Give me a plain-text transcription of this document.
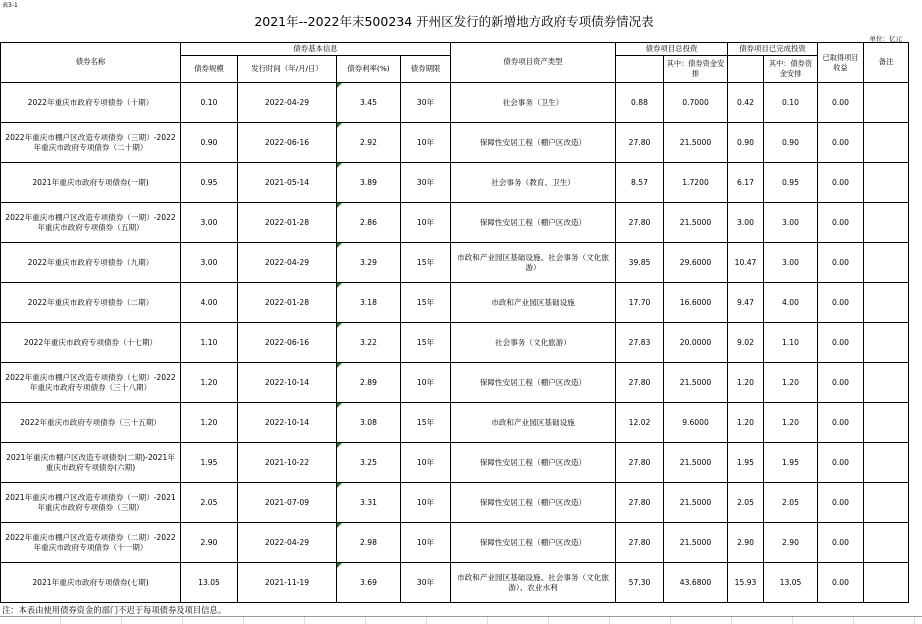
表3-1
2021年--2022年末500234 开州区发行的新增地方政府专项债券情况表
单位：亿元
债券名称	债券基本信息				债券项目资产类型	债券项目总投资		债券项目已完成投资		已取得项目收益	备注
	债券规模	发行时间（年/月/日）	债券利率(%)	债券期限			其中：债券资金安排		其中：债券资金安排		
2022年重庆市政府专项债券（十期）	0.10	2022-04-29	3.45	30年	社会事务（卫生）	0.88	0.7000	0.42	0.10	0.00	
2022年重庆市棚户区改造专项债券（三期）-2022年重庆市政府专项债券（二十期）	0.90	2022-06-16	2.92	10年	保障性安居工程（棚户区改造）	27.80	21.5000	0.90	0.90	0.00	
2021年重庆市政府专项债券(一期)	0.95	2021-05-14	3.89	30年	社会事务（教育、卫生）	8.57	1.7200	6.17	0.95	0.00	
2022年重庆市棚户区改造专项债券（一期）-2022年重庆市政府专项债券（五期）	3.00	2022-01-28	2.86	10年	保障性安居工程（棚户区改造）	27.80	21.5000	3.00	3.00	0.00	
2022年重庆市政府专项债券（九期）	3.00	2022-04-29	3.29	15年	市政和产业园区基础设施、社会事务（文化旅游）	39.85	29.6000	10.47	3.00	0.00	
2022年重庆市政府专项债券（二期）	4.00	2022-01-28	3.18	15年	市政和产业园区基础设施	17.70	16.6000	9.47	4.00	0.00	
2022年重庆市政府专项债券（十七期）	1.10	2022-06-16	3.22	15年	社会事务（文化旅游）	27.83	20.0000	9.02	1.10	0.00	
2022年重庆市棚户区改造专项债券（七期）-2022年重庆市政府专项债券（三十八期）	1.20	2022-10-14	2.89	10年	保障性安居工程（棚户区改造）	27.80	21.5000	1.20	1.20	0.00	
2022年重庆市政府专项债券（三十五期）	1.20	2022-10-14	3.08	15年	市政和产业园区基础设施	12.02	9.6000	1.20	1.20	0.00	
2021年重庆市棚户区改造专项债券(二期)-2021年重庆市政府专项债券(六期)	1.95	2021-10-22	3.25	10年	保障性安居工程（棚户区改造）	27.80	21.5000	1.95	1.95	0.00	
2021年重庆市棚户区改造专项债券（一期）-2021年重庆市政府专项债券（三期）	2.05	2021-07-09	3.31	10年	保障性安居工程（棚户区改造）	27.80	21.5000	2.05	2.05	0.00	
2022年重庆市棚户区改造专项债券（二期）-2022年重庆市政府专项债券（十一期）	2.90	2022-04-29	2.98	10年	保障性安居工程（棚户区改造）	27.80	21.5000	2.90	2.90	0.00	
2021年重庆市政府专项债券(七期)	13.05	2021-11-19	3.69	30年	市政和产业园区基础设施、社会事务（文化旅游）、农业水利	57.30	43.6800	15.93	13.05	0.00	
注：本表由使用债券资金的部门不迟于每项债券及项目信息。
